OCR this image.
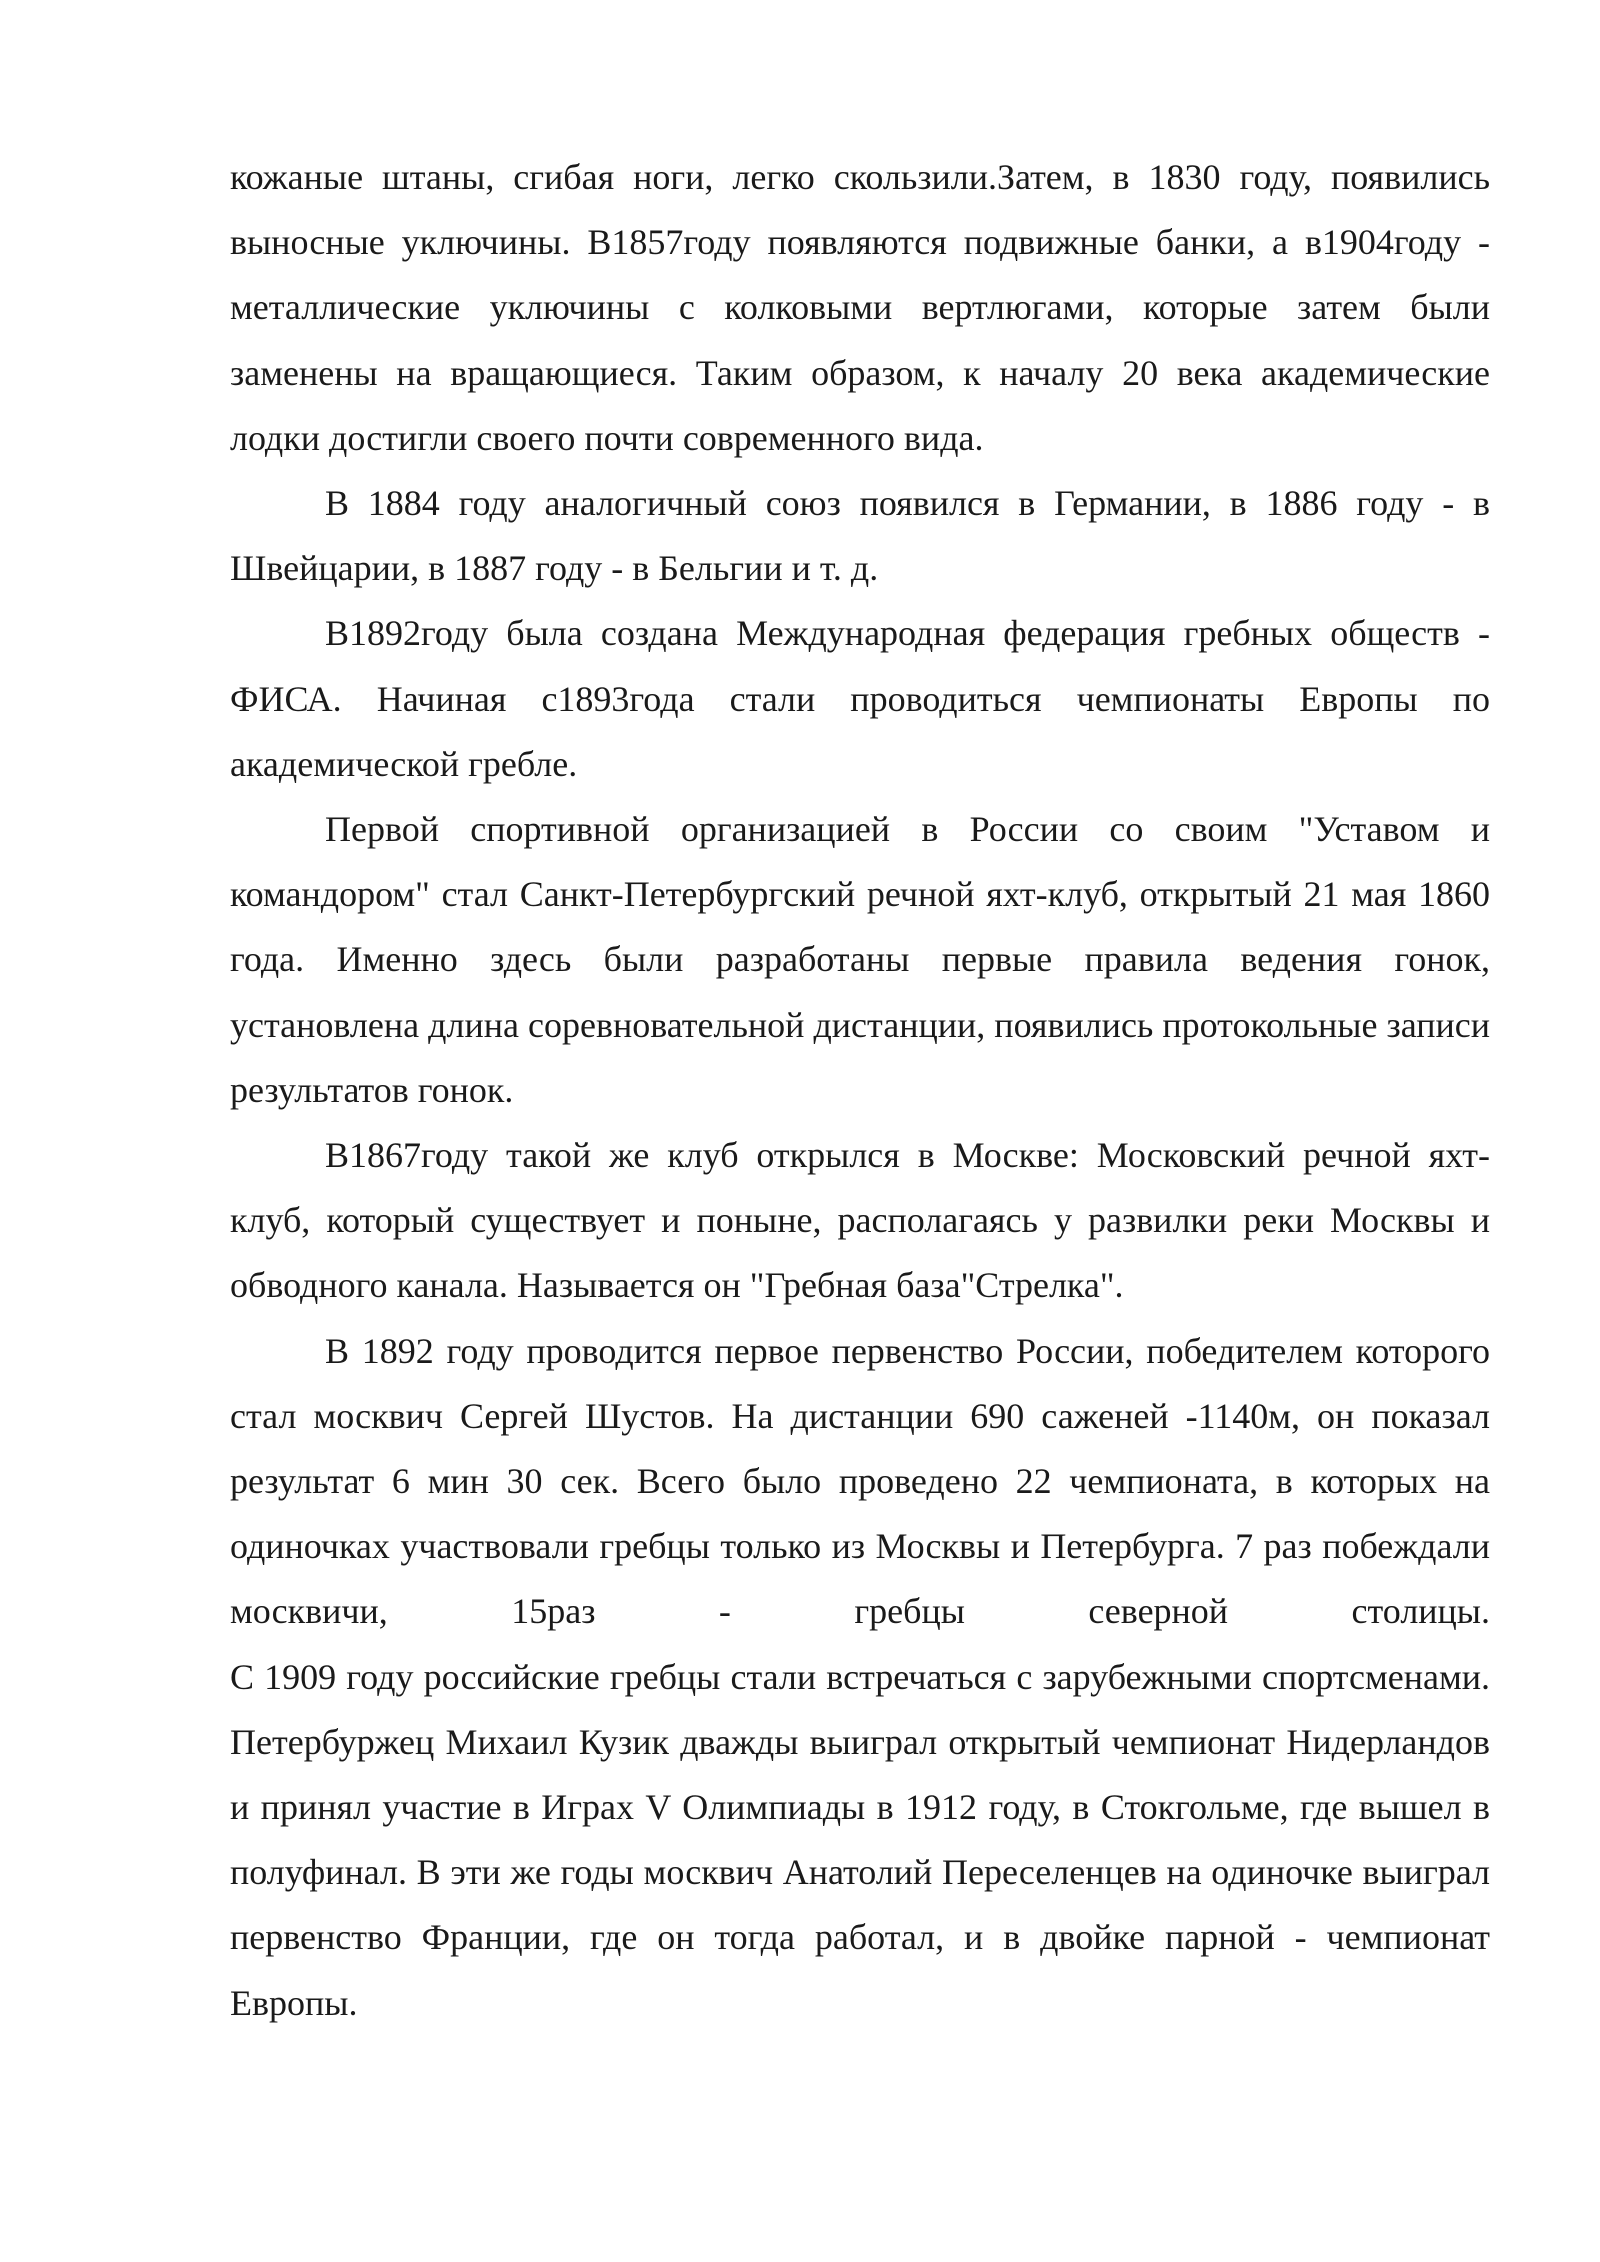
кожаные штаны, сгибая ноги, легко скользили.Затем, в 1830 году, появились выносные уключины. В1857году появляются подвижные банки, а в1904году - металлические уключины с колковыми вертлюгами, которые затем были заменены на вращающиеся. Таким образом, к началу 20 века академические лодки достигли своего почти современного вида.

В 1884 году аналогичный союз появился в Германии, в 1886 году - в Швейцарии, в 1887 году - в Бельгии и т. д.

В1892году была создана Международная федерация гребных обществ - ФИСА. Начиная с1893года стали проводиться чемпионаты Европы по академической гребле.

Первой спортивной организацией в России со своим "Уставом и командором" стал Санкт-Петербургский речной яхт-клуб, открытый 21 мая 1860 года. Именно здесь были разработаны первые правила ведения гонок, установлена длина соревновательной дистанции, появились протокольные записи результатов гонок.

В1867году такой же клуб открылся в Москве: Московский речной яхт-клуб, который существует и поныне, располагаясь у развилки реки Москвы и обводного канала. Называется он "Гребная база"Стрелка".

В 1892 году проводится первое первенство России, победителем которого стал москвич Сергей Шустов. На дистанции 690 саженей -1140м, он показал результат 6 мин 30 сек. Всего было проведено 22 чемпионата, в которых на одиночках участвовали гребцы только из Москвы и Петербурга. 7 раз побеждали москвичи, 15раз - гребцы северной столицы.

С 1909 году российские гребцы стали встречаться с зарубежными спортсменами. Петербуржец Михаил Кузик дважды выиграл открытый чемпионат Нидерландов и принял участие в Играх V Олимпиады в 1912 году, в Стокгольме, где вышел в полуфинал. В эти же годы москвич Анатолий Переселенцев на одиночке выиграл первенство Франции, где он тогда работал, и в двойке парной - чемпионат Европы.
